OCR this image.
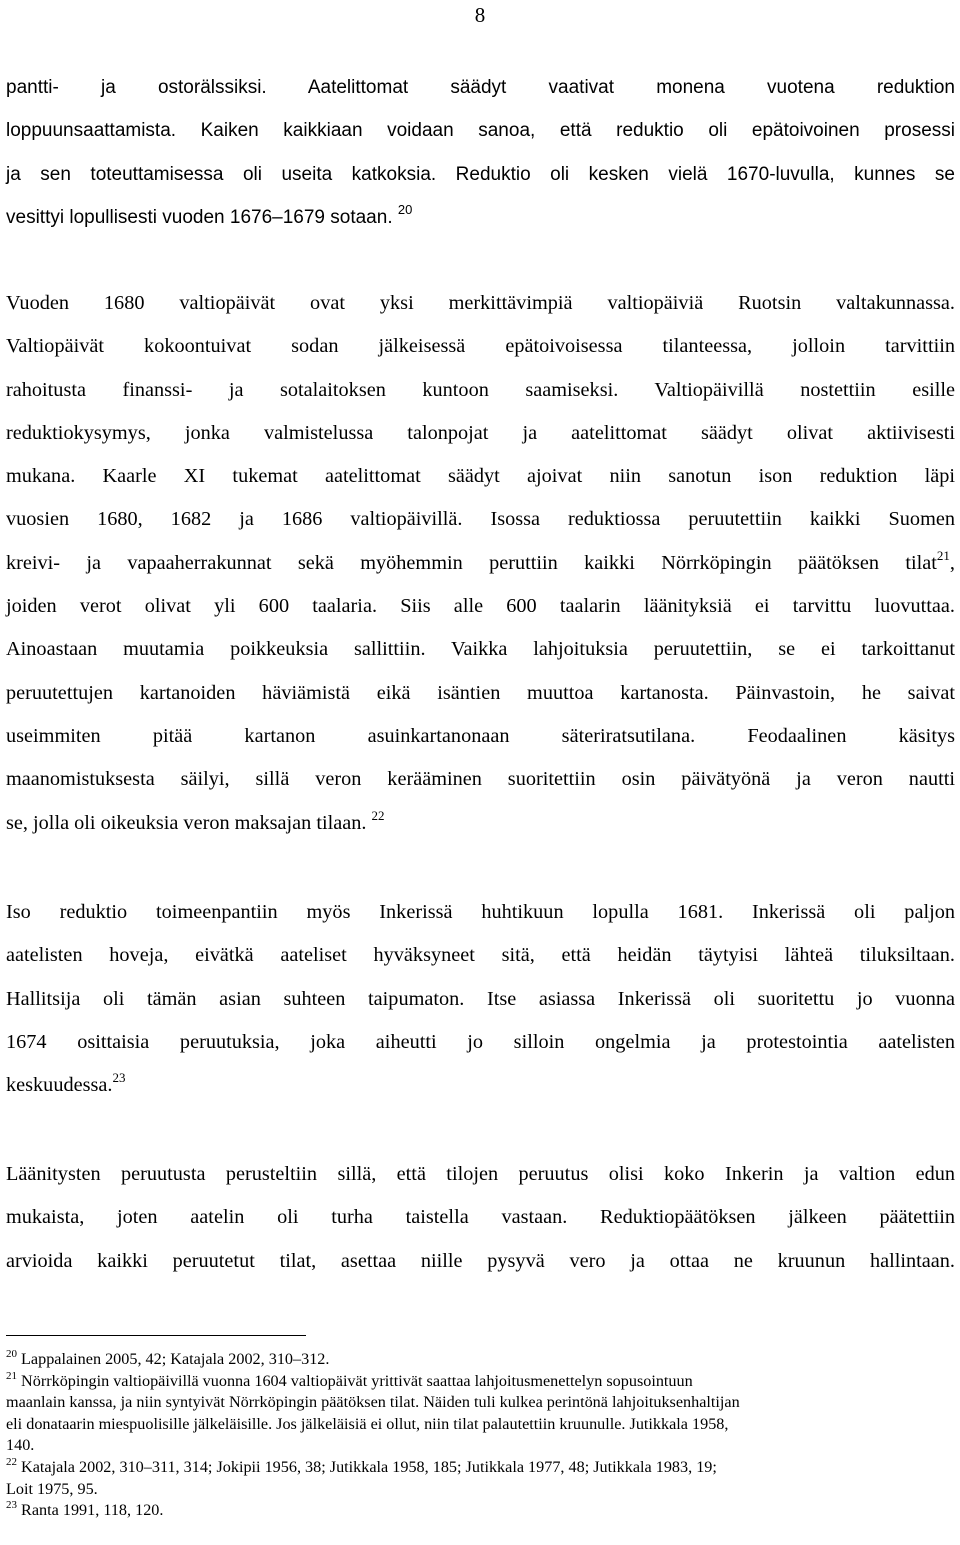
8
pantti- ja ostorälssiksi. Aatelittomat säädyt vaativat monena vuotena reduktion
loppuunsaattamista. Kaiken kaikkiaan voidaan sanoa, että reduktio oli epätoivoinen prosessi
ja sen toteuttamisessa oli useita katkoksia. Reduktio oli kesken vielä 1670-luvulla, kunnes se
vesittyi lopullisesti vuoden 1676–1679 sotaan. $^{20}$
Vuoden 1680 valtiopäivät ovat yksi merkittävimpiä valtiopäiviä Ruotsin valtakunnassa.
Valtiopäivät kokoontuivat sodan jälkeisessä epätoivoisessa tilanteessa, jolloin tarvittiin
rahoitusta finanssi- ja sotalaitoksen kuntoon saamiseksi. Valtiopäivillä nostettiin esille
reduktiokysymys, jonka valmistelussa talonpojat ja aatelittomat säädyt olivat aktiivisesti
mukana. Kaarle XI tukemat aatelittomat säädyt ajoivat niin sanotun ison reduktion läpi
vuosien 1680, 1682 ja 1686 valtiopäivillä. Isossa reduktiossa peruutettiin kaikki Suomen
kreivi- ja vapaaherrakunnat sekä myöhemmin peruttiin kaikki Nörrköpingin päätöksen tilat$^{21}$,
joiden verot olivat yli 600 taalaria. Siis alle 600 taalarin läänityksiä ei tarvittu luovuttaa.
Ainoastaan muutamia poikkeuksia sallittiin. Vaikka lahjoituksia peruutettiin, se ei tarkoittanut
peruutettujen kartanoiden häviämistä eikä isäntien muuttoa kartanosta. Päinvastoin, he saivat
useimmiten pitää kartanon asuinkartanonaan säteriratsutilana. Feodaalinen käsitys
maanomistuksesta säilyi, sillä veron kerääminen suoritettiin osin päivätyönä ja veron nautti
se, jolla oli oikeuksia veron maksajan tilaan. $^{22}$
Iso reduktio toimeenpantiin myös Inkerissä huhtikuun lopulla 1681. Inkerissä oli paljon
aatelisten hoveja, eivätkä aateliset hyväksyneet sitä, että heidän täytyisi lähteä tiluksiltaan.
Hallitsija oli tämän asian suhteen taipumaton. Itse asiassa Inkerissä oli suoritettu jo vuonna
1674 osittaisia peruutuksia, joka aiheutti jo silloin ongelmia ja protestointia aatelisten
keskuudessa.$^{23}$
Läänitysten peruutusta perusteltiin sillä, että tilojen peruutus olisi koko Inkerin ja valtion edun
mukaista, joten aatelin oli turha taistella vastaan. Reduktiopäätöksen jälkeen päätettiin
arvioida kaikki peruutetut tilat, asettaa niille pysyvä vero ja ottaa ne kruunun hallintaan.

$^{20}$ Lappalainen 2005, 42; Katajala 2002, 310–312.

$^{21}$ Nörrköpingin valtiopäivillä vuonna 1604 valtiopäivät yrittivät saattaa lahjoitusmenettelyn sopusointuun
maanlain kanssa, ja niin syntyivät Nörrköpingin päätöksen tilat. Näiden tuli kulkea perintönä lahjoituksenhaltijan
eli donataarin miespuolisille jälkeläisille. Jos jälkeläisiä ei ollut, niin tilat palautettiin kruunulle. Jutikkala 1958,
140.

$^{22}$ Katajala 2002, 310–311, 314; Jokipii 1956, 38; Jutikkala 1958, 185; Jutikkala 1977, 48; Jutikkala 1983, 19;
Loit 1975, 95.

$^{23}$ Ranta 1991, 118, 120.
